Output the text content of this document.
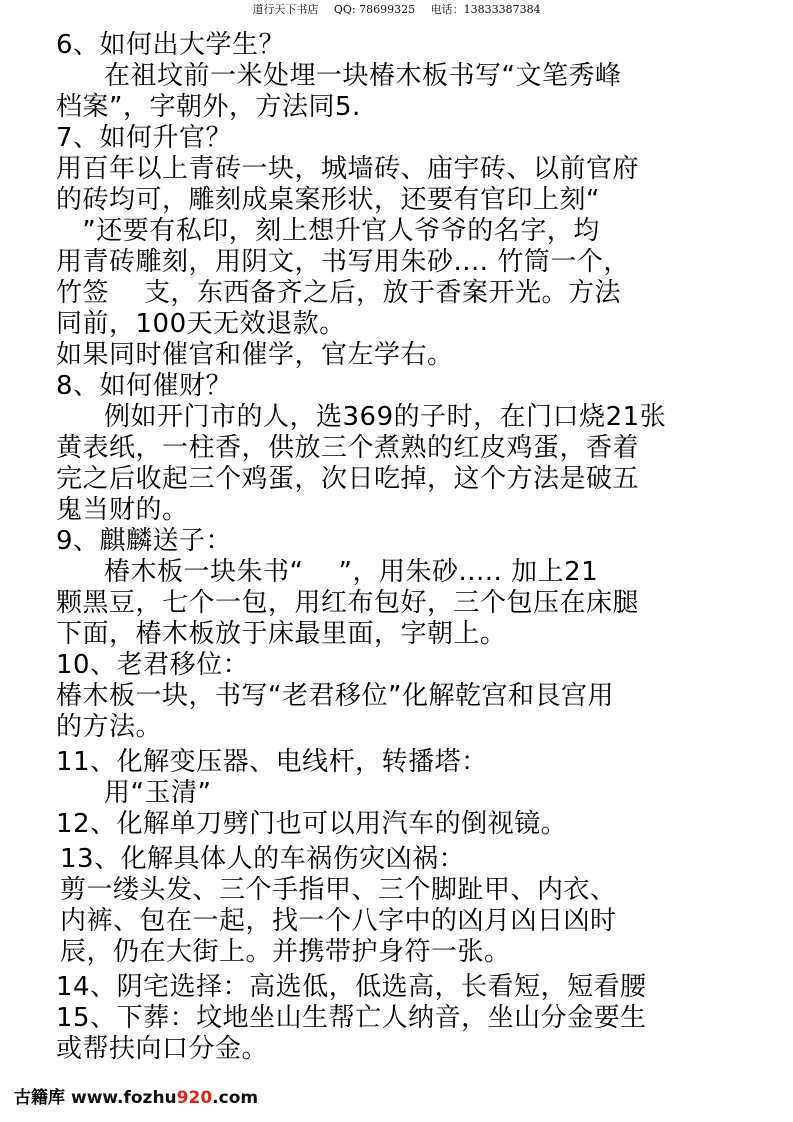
道行天下书店 QQ: 78699325 电话：13833387384
6、如何出大学生？
在祖坟前一米处埋一块椿木板书写“文笔秀峰
档案”，字朝外，方法同5.
7、如何升官？
用百年以上青砖一块，城墙砖、庙宇砖、以前官府
的砖均可，雕刻成桌案形状，还要有官印上刻“
”还要有私印，刻上想升官人爷爷的名字，均
用青砖雕刻，用阴文，书写用朱砂.... 竹筒一个，
竹签    支，东西备齐之后，放于香案开光。方法
同前，100天无效退款。
如果同时催官和催学，官左学右。
8、如何催财？
例如开门市的人，选369的子时，在门口烧21张
黄表纸，一柱香，供放三个煮熟的红皮鸡蛋，香着
完之后收起三个鸡蛋，次日吃掉，这个方法是破五
鬼当财的。
9、麒麟送子：
椿木板一块朱书“    ”，用朱砂..... 加上21
颗黑豆，七个一包，用红布包好，三个包压在床腿
下面，椿木板放于床最里面，字朝上。
10、老君移位：
椿木板一块，书写“老君移位”化解乾宫和艮宫用
的方法。
11、化解变压器、电线杆，转播塔：
用“玉清”
12、化解单刀劈门也可以用汽车的倒视镜。
13、化解具体人的车祸伤灾凶祸：
剪一缕头发、三个手指甲、三个脚趾甲、内衣、
内裤、包在一起，找一个八字中的凶月凶日凶时
辰，仍在大街上。并携带护身符一张。
14、阴宅选择：高选低，低选高，长看短，短看腰
15、下葬：坟地坐山生帮亡人纳音，坐山分金要生
或帮扶向口分金。
古籍库 www.fozhu920.com
